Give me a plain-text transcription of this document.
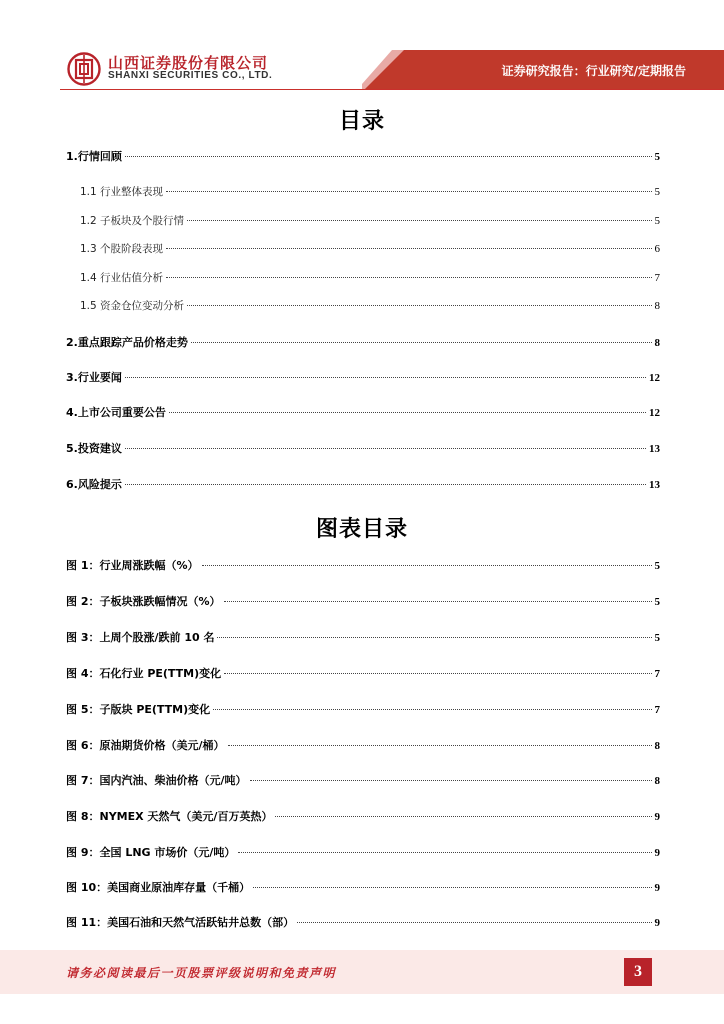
山西证券股份有限公司
SHANXI SECURITIES CO., LTD.	证券研究报告：行业研究/定期报告
目录
1.行情回顾	5
1.1 行业整体表现	5
1.2 子板块及个股行情	5
1.3 个股阶段表现	6
1.4 行业估值分析	7
1.5 资金仓位变动分析	8
2.重点跟踪产品价格走势	8
3.行业要闻	12
4.上市公司重要公告	12
5.投资建议	13
6.风险提示	13
图表目录
图 1：行业周涨跌幅（%）	5
图 2：子板块涨跌幅情况（%）	5
图 3：上周个股涨/跌前 10 名	5
图 4：石化行业 PE(TTM)变化	7
图 5：子版块 PE(TTM)变化	7
图 6：原油期货价格（美元/桶）	8
图 7：国内汽油、柴油价格（元/吨）	8
图 8：NYMEX 天然气（美元/百万英热）	9
图 9：全国 LNG 市场价（元/吨）	9
图 10：美国商业原油库存量（千桶）	9
图 11：美国石油和天然气活跃钻井总数（部）	9
请务必阅读最后一页股票评级说明和免责声明	3
